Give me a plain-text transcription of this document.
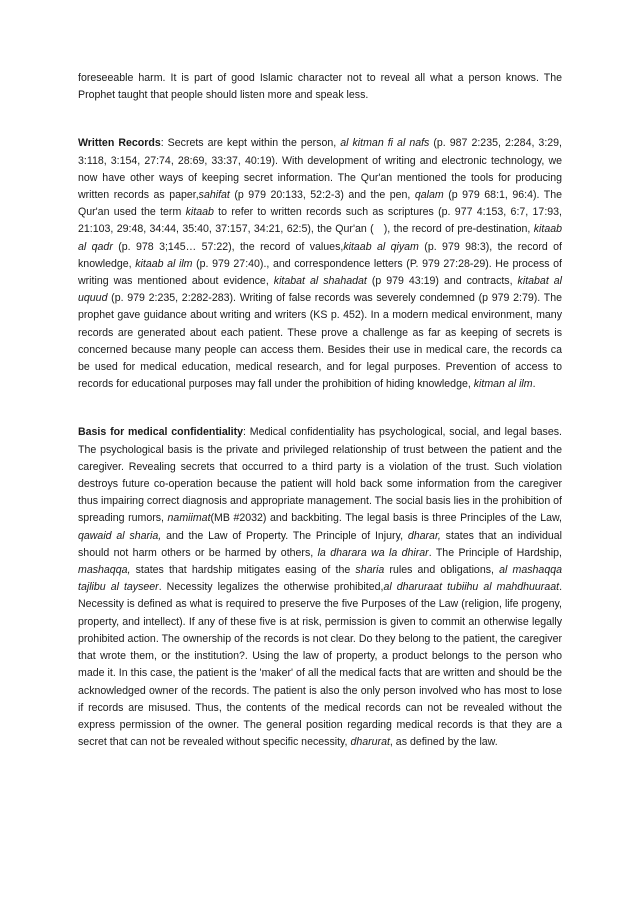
foreseeable harm. It is part of good Islamic character not to reveal all what a person knows. The Prophet taught that people should listen more and speak less.

Written Records: Secrets are kept within the person, al kitman fi al nafs (p. 987 2:235, 2:284, 3:29, 3:118, 3:154, 27:74, 28:69, 33:37, 40:19). With development of writing and electronic technology, we now have other ways of keeping secret information. The Qur'an mentioned the tools for producing written records as paper,sahifat (p 979 20:133, 52:2-3) and the pen, qalam (p 979 68:1, 96:4). The Qur'an used the term kitaab to refer to written records such as scriptures (p. 977 4:153, 6:7, 17:93, 21:103, 29:48, 34:44, 35:40, 37:157, 34:21, 62:5), the Qur'an (   ), the record of pre-destination, kitaab al qadr (p. 978 3;145… 57:22), the record of values,kitaab al qiyam (p. 979 98:3), the record of knowledge, kitaab al ilm (p. 979 27:40)., and correspondence letters (P. 979 27:28-29). He process of writing was mentioned about evidence, kitabat al shahadat (p 979 43:19) and contracts, kitabat al uquud (p. 979 2:235, 2:282-283). Writing of false records was severely condemned (p 979 2:79). The prophet gave guidance about writing and writers (KS p. 452). In a modern medical environment, many records are generated about each patient. These prove a challenge as far as keeping of secrets is concerned because many people can access them. Besides their use in medical care, the records ca be used for medical education, medical research, and for legal purposes. Prevention of access to records for educational purposes may fall under the prohibition of hiding knowledge, kitman al ilm.

Basis for medical confidentiality: Medical confidentiality has psychological, social, and legal bases. The psychological basis is the private and privileged relationship of trust between the patient and the caregiver. Revealing secrets that occurred to a third party is a violation of the trust. Such violation destroys future co-operation because the patient will hold back some information from the caregiver thus impairing correct diagnosis and appropriate management. The social basis lies in the prohibition of spreading rumors, namiimat(MB #2032) and backbiting. The legal basis is three Principles of the Law, qawaid al sharia, and the Law of Property. The Principle of Injury, dharar, states that an individual should not harm others or be harmed by others, la dharara wa la dhirar. The Principle of Hardship, mashaqqa, states that hardship mitigates easing of the sharia rules and obligations, al mashaqqa tajlibu al tayseer. Necessity legalizes the otherwise prohibited,al dharuraat tubiihu al mahdhuuraat. Necessity is defined as what is required to preserve the five Purposes of the Law (religion, life progeny, property, and intellect). If any of these five is at risk, permission is given to commit an otherwise legally prohibited action. The ownership of the records is not clear. Do they belong to the patient, the caregiver that wrote them, or the institution?. Using the law of property, a product belongs to the person who made it. In this case, the patient is the 'maker' of all the medical facts that are written and should be the acknowledged owner of the records. The patient is also the only person involved who has most to lose if records are misused. Thus, the contents of the medical records can not be revealed without the express permission of the owner. The general position regarding medical records is that they are a secret that can not be revealed without specific necessity, dharurat, as defined by the law.
